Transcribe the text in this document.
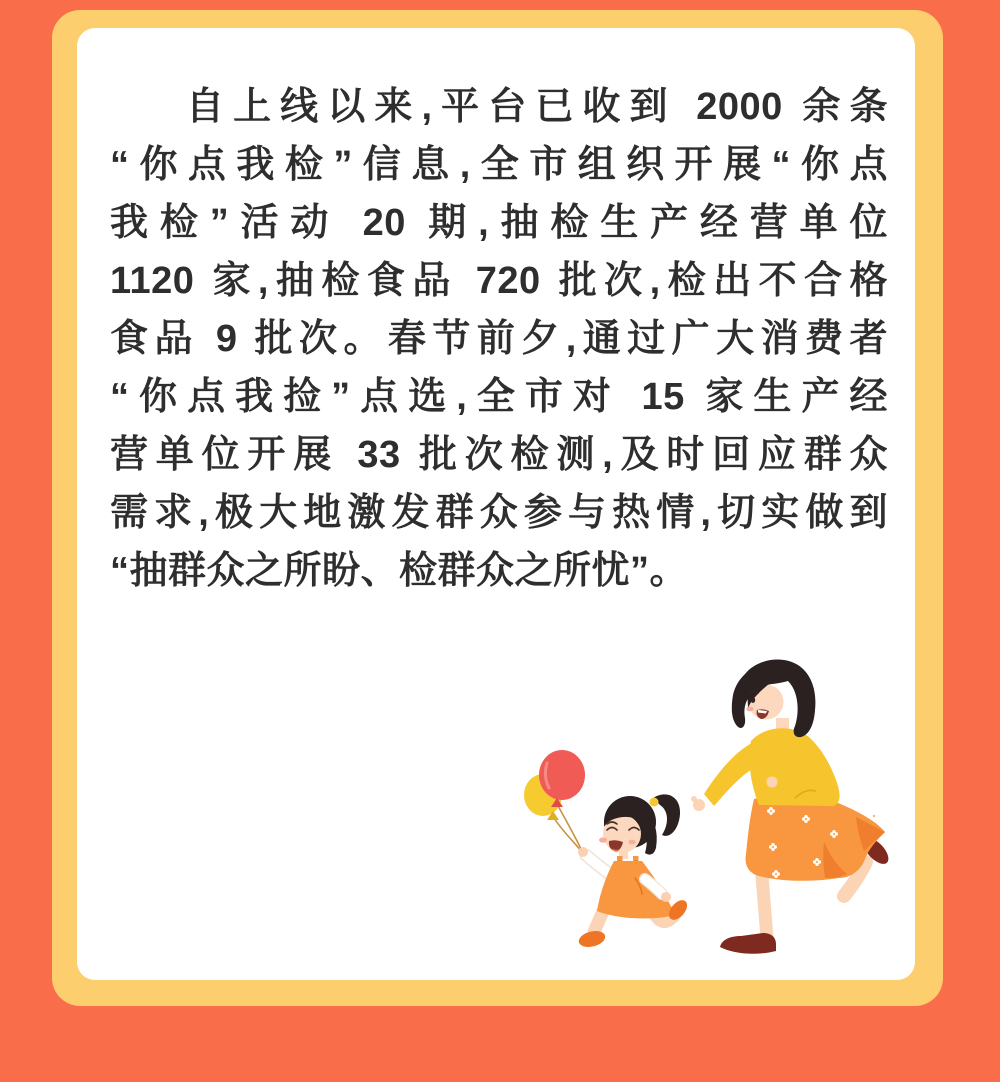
自上线以来,平台已收到 2000 余条

“你点我检”信息,全市组织开展“你点

我检”活动 20 期,抽检生产经营单位

1120 家,抽检食品 720 批次,检出不合格

食品 9 批次。春节前夕,通过广大消费者

“你点我捡”点选,全市对 15 家生产经

营单位开展 33 批次检测,及时回应群众

需求,极大地激发群众参与热情,切实做到

“抽群众之所盼、检群众之所忧”。
